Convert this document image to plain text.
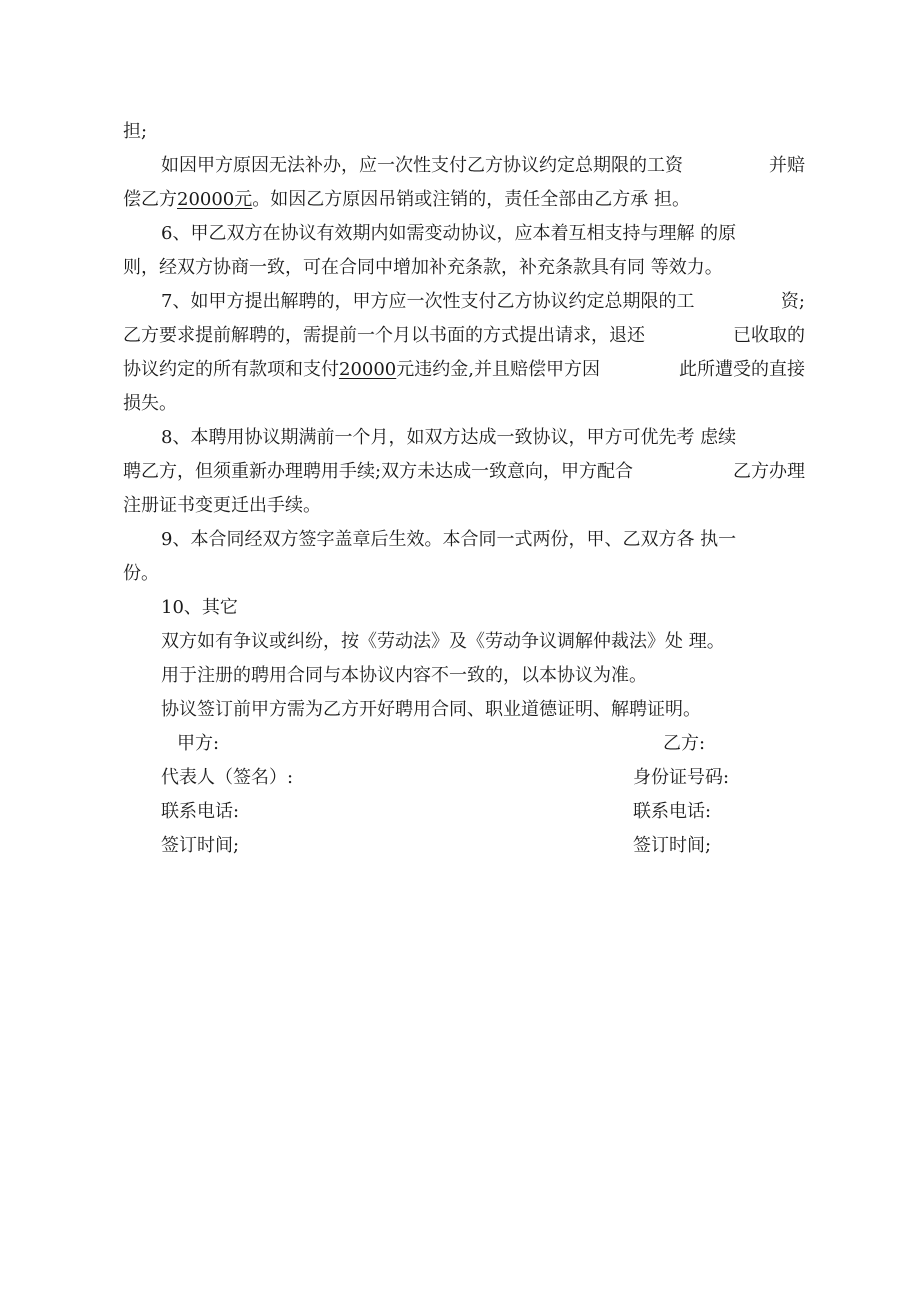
担;
如因甲方原因无法补办，应一次性支付乙方协议约定总期限的工资	并赔
偿乙方20000元。如因乙方原因吊销或注销的，责任全部由乙方承 担。
6、甲乙双方在协议有效期内如需变动协议，应本着互相支持与理解 的原
则，经双方协商一致，可在合同中增加补充条款，补充条款具有同 等效力。
7、如甲方提出解聘的，甲方应一次性支付乙方协议约定总期限的工	资;
乙方要求提前解聘的，需提前一个月以书面的方式提出请求，退还	已收取的
协议约定的所有款项和支付20000元违约金,并且赔偿甲方因	此所遭受的直接
损失。
8、本聘用协议期满前一个月，如双方达成一致协议，甲方可优先考 虑续
聘乙方，但须重新办理聘用手续;双方未达成一致意向，甲方配合	乙方办理
注册证书变更迁出手续。
9、本合同经双方签字盖章后生效。本合同一式两份，甲、乙双方各 执一
份。
10、其它
双方如有争议或纠纷，按《劳动法》及《劳动争议调解仲裁法》处 理。
用于注册的聘用合同与本协议内容不一致的，以本协议为准。
协议签订前甲方需为乙方开好聘用合同、职业道德证明、解聘证明。
甲方:	乙方:
代表人（签名）:	身份证号码:
联系电话:	联系电话:
签订时间;	签订时间;
